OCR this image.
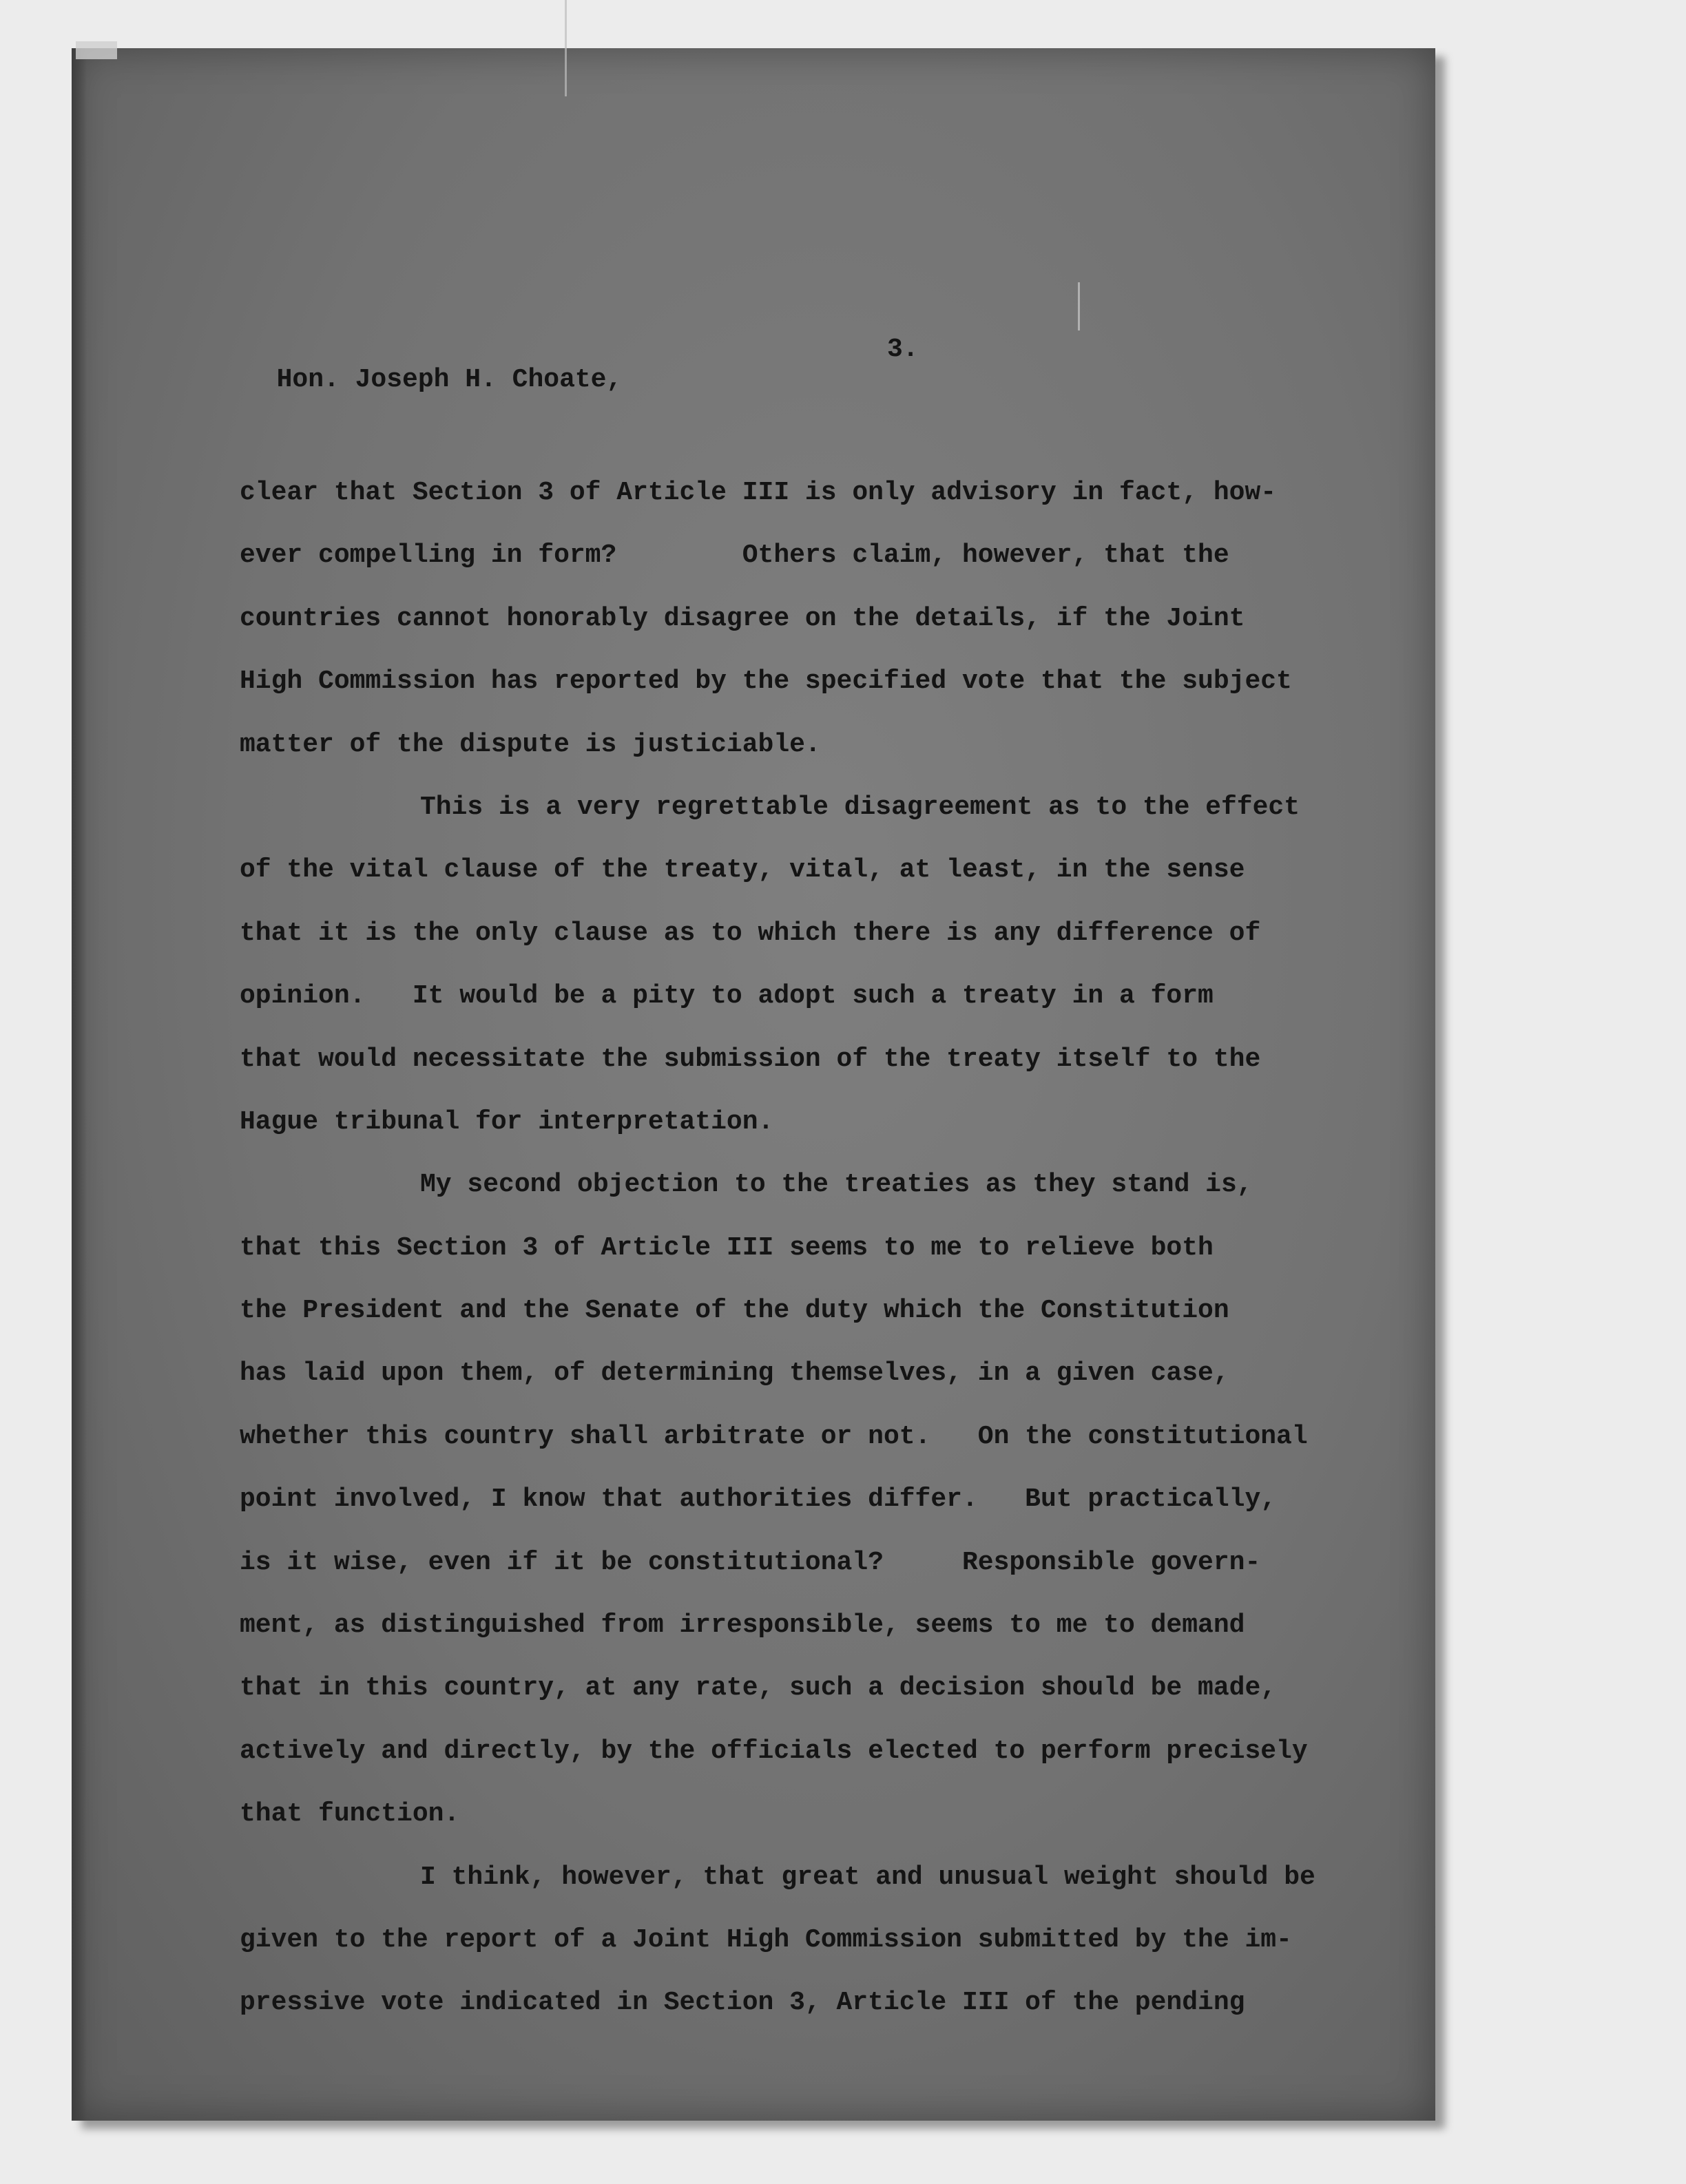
Hon. Joseph H. Choate,

3.

clear that Section 3 of Article III is only advisory in fact, how-
ever compelling in form?        Others claim, however, that the
countries cannot honorably disagree on the details, if the Joint
High Commission has reported by the specified vote that the subject
matter of the dispute is justiciable.
This is a very regrettable disagreement as to the effect
of the vital clause of the treaty, vital, at least, in the sense
that it is the only clause as to which there is any difference of
opinion.   It would be a pity to adopt such a treaty in a form
that would necessitate the submission of the treaty itself to the
Hague tribunal for interpretation.
My second objection to the treaties as they stand is,
that this Section 3 of Article III seems to me to relieve both
the President and the Senate of the duty which the Constitution
has laid upon them, of determining themselves, in a given case,
whether this country shall arbitrate or not.   On the constitutional
point involved, I know that authorities differ.   But practically,
is it wise, even if it be constitutional?     Responsible govern-
ment, as distinguished from irresponsible, seems to me to demand
that in this country, at any rate, such a decision should be made,
actively and directly, by the officials elected to perform precisely
that function.
I think, however, that great and unusual weight should be
given to the report of a Joint High Commission submitted by the im-
pressive vote indicated in Section 3, Article III of the pending
